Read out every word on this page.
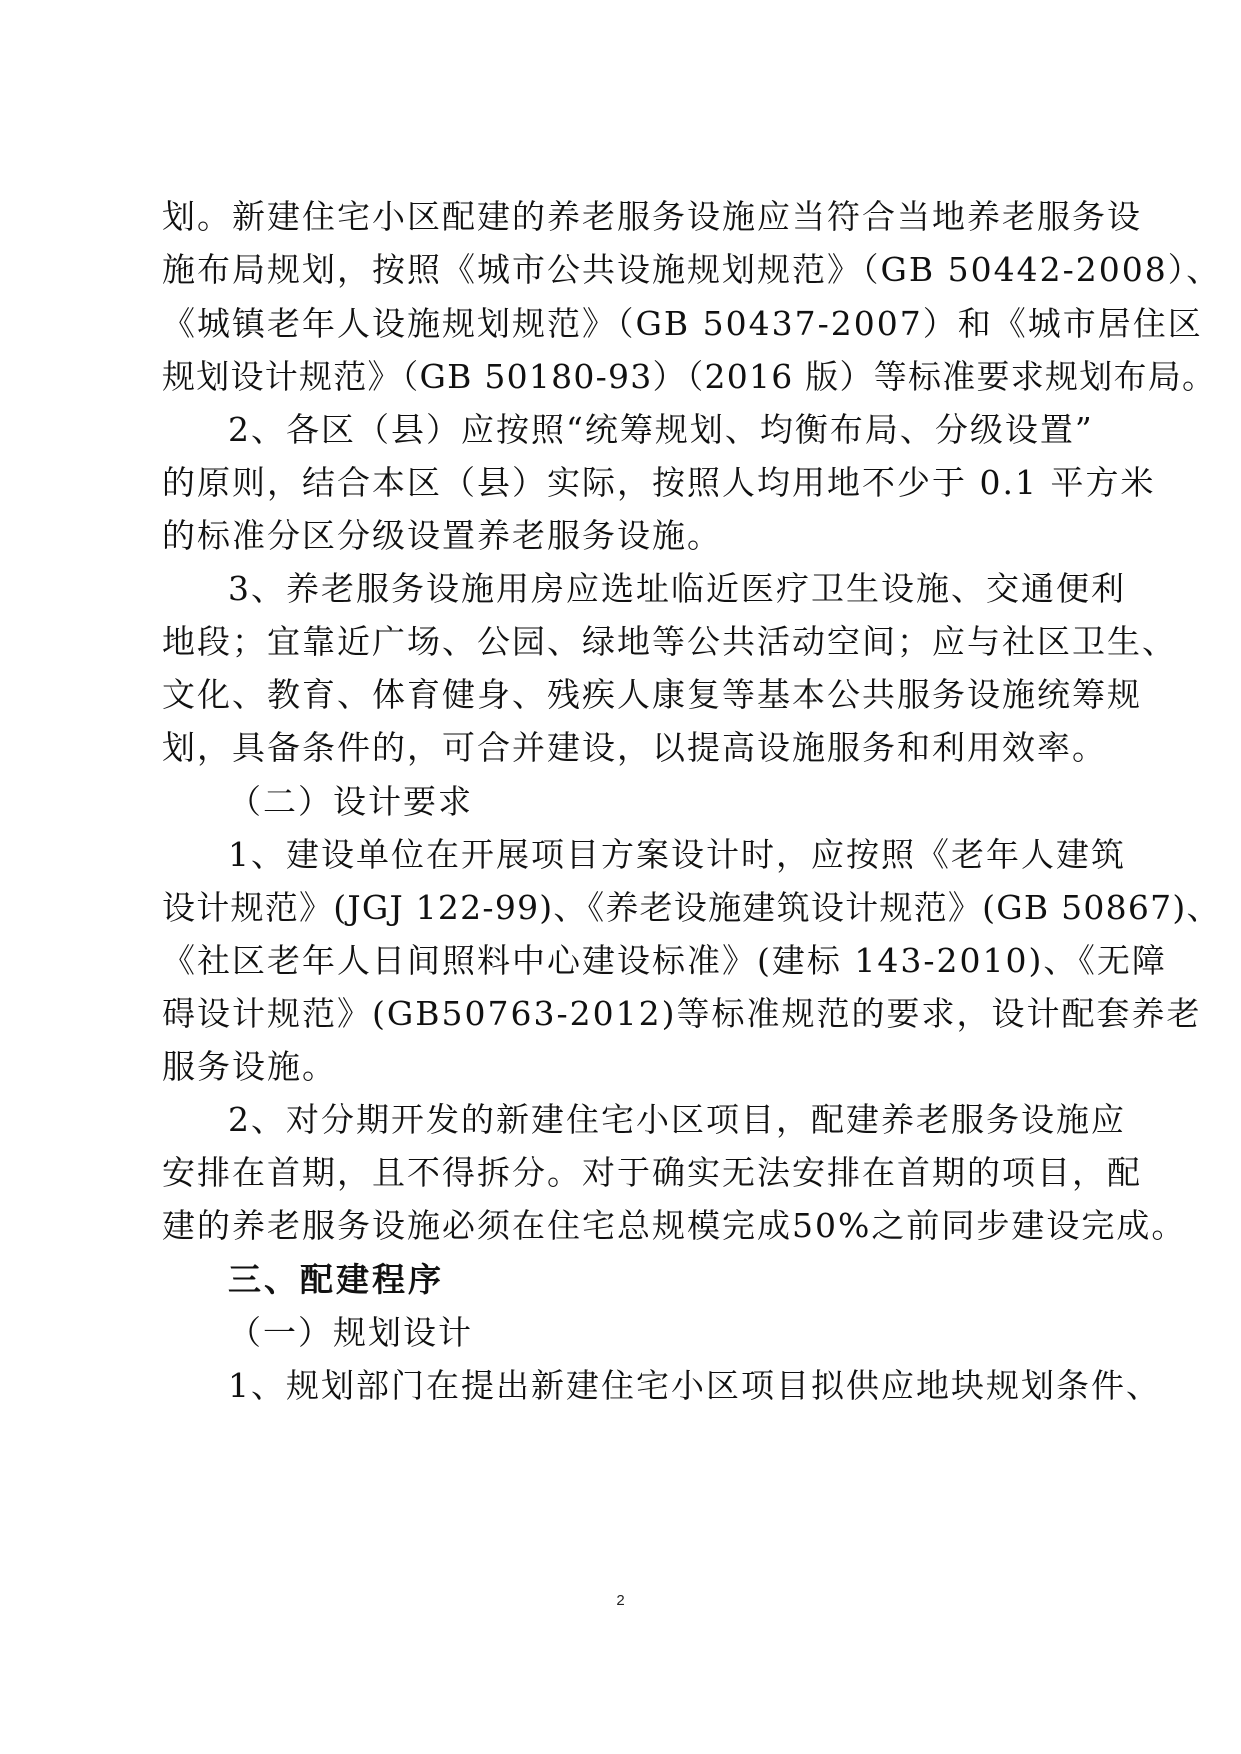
划。新建住宅小区配建的养老服务设施应当符合当地养老服务设
施布局规划，按照《城市公共设施规划规范》（GB 50442-2008）、
《城镇老年人设施规划规范》（GB 50437-2007）和《城市居住区
规划设计规范》（GB 50180-93）（2016 版）等标准要求规划布局。
2、各区（县）应按照“统筹规划、均衡布局、分级设置”
的原则，结合本区（县）实际，按照人均用地不少于 0.1 平方米
的标准分区分级设置养老服务设施。
3、养老服务设施用房应选址临近医疗卫生设施、交通便利
地段；宜靠近广场、公园、绿地等公共活动空间；应与社区卫生、
文化、教育、体育健身、残疾人康复等基本公共服务设施统筹规
划，具备条件的，可合并建设，以提高设施服务和利用效率。
（二）设计要求
1、建设单位在开展项目方案设计时，应按照《老年人建筑
设计规范》(JGJ 122-99)、《养老设施建筑设计规范》(GB 50867)、
《社区老年人日间照料中心建设标准》(建标 143-2010)、《无障
碍设计规范》(GB50763-2012)等标准规范的要求，设计配套养老
服务设施。
2、对分期开发的新建住宅小区项目，配建养老服务设施应
安排在首期，且不得拆分。对于确实无法安排在首期的项目，配
建的养老服务设施必须在住宅总规模完成50%之前同步建设完成。
三、配建程序
（一）规划设计
1、规划部门在提出新建住宅小区项目拟供应地块规划条件、
2
